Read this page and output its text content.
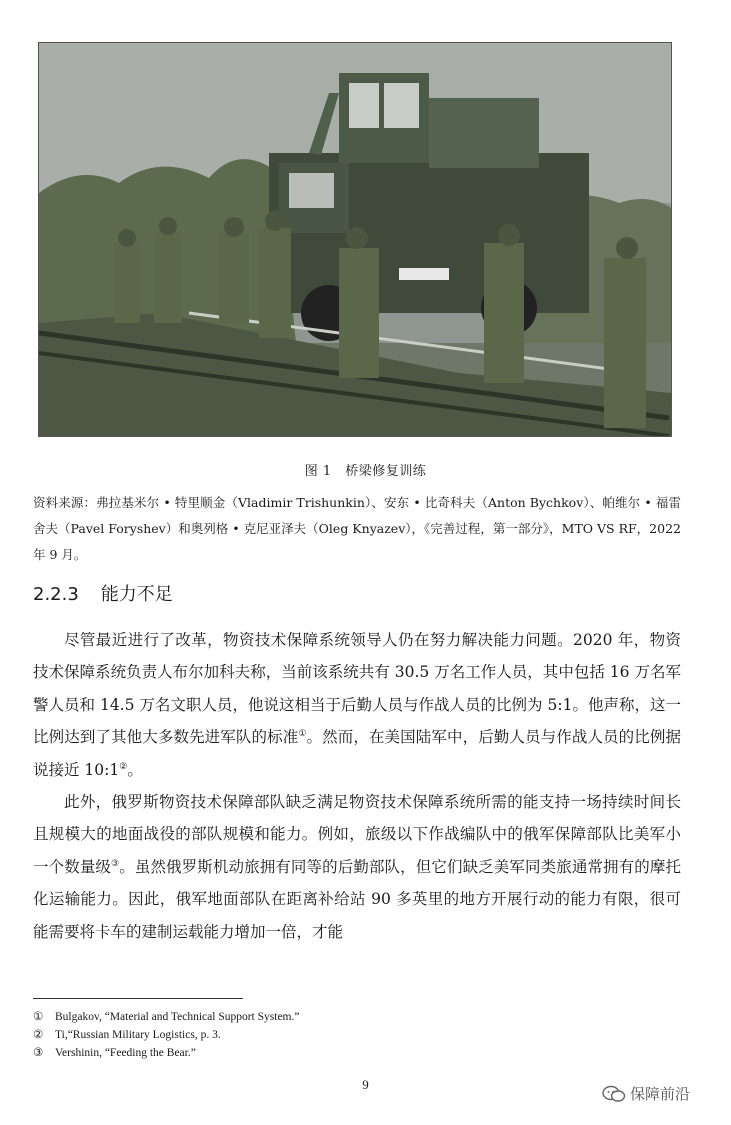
图 1　桥梁修复训练
资料来源：弗拉基米尔 • 特里顺金（Vladimir Trishunkin）、安东 • 比奇科夫（Anton Bychkov）、帕维尔 • 福雷舍夫（Pavel Foryshev）和奥列格 • 克尼亚泽夫（Oleg Knyazev），《完善过程，第一部分》，MTO VS RF，2022 年 9 月。
2.2.3 能力不足

尽管最近进行了改革，物资技术保障系统领导人仍在努力解决能力问题。2020 年，物资技术保障系统负责人布尔加科夫称，当前该系统共有 30.5 万名工作人员，其中包括 16 万名军警人员和 14.5 万名文职人员，他说这相当于后勤人员与作战人员的比例为 5:1。他声称，这一比例达到了其他大多数先进军队的标准①。然而，在美国陆军中，后勤人员与作战人员的比例据说接近 10:1②。

此外，俄罗斯物资技术保障部队缺乏满足物资技术保障系统所需的能支持一场持续时间长且规模大的地面战役的部队规模和能力。例如，旅级以下作战编队中的俄军保障部队比美军小一个数量级③。虽然俄罗斯机动旅拥有同等的后勤部队，但它们缺乏美军同类旅通常拥有的摩托化运输能力。因此，俄军地面部队在距离补给站 90 多英里的地方开展行动的能力有限，很可能需要将卡车的建制运载能力增加一倍，才能

① Bulgakov, “Material and Technical Support System.”
② Ti,“Russian Military Logistics, p. 3.
③ Vershinin, “Feeding the Bear.”
9
保障前沿
